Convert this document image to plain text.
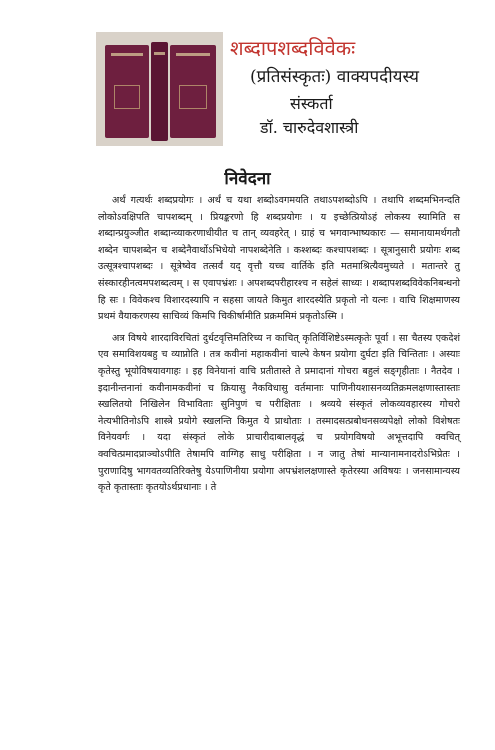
शब्दापशब्दविवेकः
(प्रतिसंस्कृतः) वाक्यपदीयस्य
संस्कर्ता
डॉ. चारुदेवशास्त्री
निवेदना

अर्थं गत्यर्थः शब्दप्रयोगः । अर्थं च यथा शब्दोऽवगमयति तथाऽपशब्दोऽपि । तथापि शब्दमभिनन्दति लोकोऽवक्षिपति चापशब्दम् । प्रियङ्करणो हि शब्दप्रयोगः । य इच्छेत्प्रियोऽहं लोकस्य स्यामिति स शब्दान्प्रयुञ्जीत शब्दान्व्याकरणाधीयीत च तान् व्यवहरेत् । ग्राहं च भगवान्भाष्यकारः — समानायामर्थगतौ शब्देन चापशब्देन च शब्देनैवार्थोऽभिधेयो नापशब्देनेति । कश्शब्दः कश्चापशब्दः । सूत्रानुसारी प्रयोगः शब्द उत्सूत्रश्चापशब्दः । सूत्रेष्वेव तत्सर्वं यद् वृत्तौ यच्च वार्तिके इति मतमाश्रित्यैवमुच्यते । मतान्तरे तु संस्कारहीनत्वमपशब्दत्वम् । स एवापभ्रंशः । अपशब्दपरीहारश्च न सहेलं साध्यः । शब्दापशब्दविवेकनिबन्धनो हि सः । विवेकश्च विशारदस्यापि न सहसा जायते किमुत शारदस्येति प्रकृतो नो यत्नः । वाचि शिक्षमाणस्य प्रथमं वैयाकरणस्य साचिव्यं किमपि चिकीर्षामीति प्रक्रममिमं प्रकृतोऽस्मि ।

अत्र विषये शारदाविरचितां दुर्धटवृत्तिमतिरिच्य न काचित् कृतिर्विशिष्टेऽस्मत्कृतेः पूर्वा । सा चैतस्य एकदेशं एव समाविशयबहु च व्याप्नोति । तत्र कवीनां महाकवीनां चाल्पे केषन प्रयोगा दुर्घटा इति चिन्तिताः । अस्याः कृतेस्तु भूयोविषयावगाहः । इह विनेयानां वाचि प्रतीतास्ते ते प्रमादानां गोचरा बहुलं सङ्गृहीताः । नैतदेव । इदानीन्तनानां कवीनामकवीनां च क्रियासु नैकविधासु वर्तमानाः पाणिनीयशासनव्यतिक्रमलक्षणास्तास्ताः स्खलितयो निखिलेन विभाविताः सुनिपुणं च परीक्षिताः । श्रव्यये संस्कृतं लोकव्यवहारस्य गोचरो नेत्यभीतिनोऽपि शास्त्रे प्रयोगे स्खलन्ति किमुत ये प्राथोताः । तस्मादसत्प्रबोधनसव्यपेक्षो लोको विशेषतः विनेयवर्गः । यदा संस्कृतं लोके प्राचारीदाबालवृद्धं च प्रयोगविषयो अभूत्तदापि क्वचित् क्वचित्प्रमादप्राञ्चोऽपीति तेषामपि वाग्गिह साधु परीक्षिता । न जातु तेषां मान्यानामनादरोऽभिप्रेतः । पुराणादिषु भागवतव्यतिरिक्तेषु येऽपाणिनीया प्रयोगा अपभ्रंशलक्षणास्ते कृतेरस्या अविषयः । जनसामान्यस्य कृते कृतास्ताः कृतयोऽर्थप्रधानाः । ते
